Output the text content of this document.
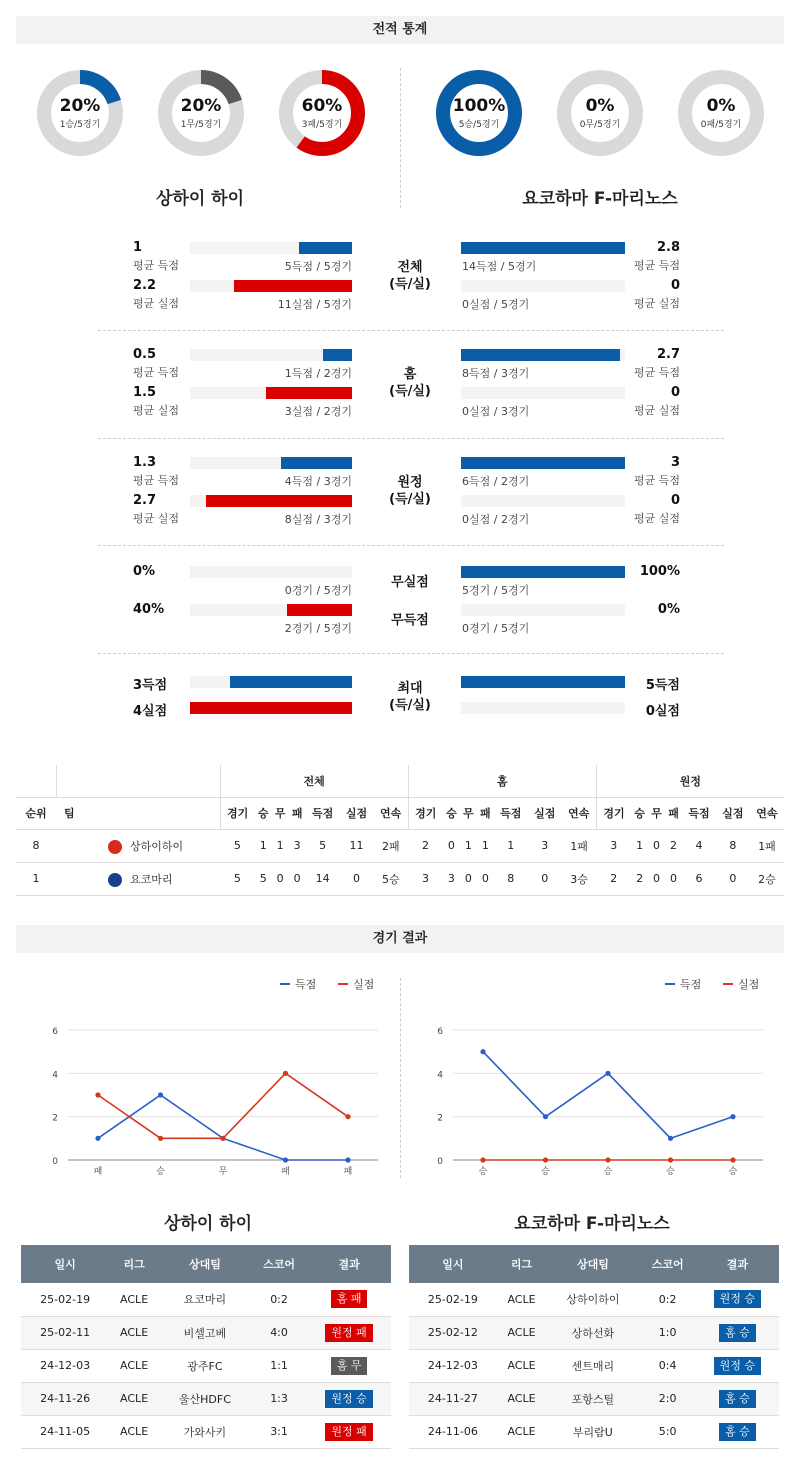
전적 통계
20%
1승/5경기
20%
1무/5경기
60%
3패/5경기
100%
5승/5경기
0%
0무/5경기
0%
0패/5경기
상하이 하이	요코하마 F-마리노스
1
평균 득점
2.8
평균 득점
5득점 / 5경기	14득점 / 5경기
2.2
평균 실점
0
평균 실점
11실점 / 5경기	0실점 / 5경기
전체
(득/실)
0.5
평균 득점
2.7
평균 득점
1득점 / 2경기	8득점 / 3경기
1.5
평균 실점
0
평균 실점
3실점 / 2경기	0실점 / 3경기
홈
(득/실)
1.3
평균 득점
3
평균 득점
4득점 / 3경기	6득점 / 2경기
2.7
평균 실점
0
평균 실점
8실점 / 3경기	0실점 / 2경기
원정
(득/실)
0%	100%
0경기 / 5경기	5경기 / 5경기
무실점
40%	0%
2경기 / 5경기	0경기 / 5경기
무득점
3득점	5득점
4실점	0실점
최대
(득/실)
		전체							홈							원정						
순위	팀	경기	승	무	패	득점	실점	연속	경기	승	무	패	득점	실점	연속	경기	승	무	패	득점	실점	연속
8	상하이하이	5	1	1	3	5	11	2패	2	0	1	1	1	3	1패	3	1	0	2	4	8	1패
1	요코마리	5	5	0	0	14	0	5승	3	3	0	0	8	0	3승	2	2	0	0	6	0	2승
경기 결과
득점	실점
0
2
4
6
패	승	무	패	패
득점	실점
0
2
4
6
승	승	승	승	승
상하이 하이	요코하마 F-마리노스
일시	리그	상대팀	스코어	결과
25-02-19	ACLE	요코마리	0:2	홈 패
25-02-11	ACLE	비셀고베	4:0	원정 패
24-12-03	ACLE	광주FC	1:1	홈 무
24-11-26	ACLE	울산HDFC	1:3	원정 승
24-11-05	ACLE	가와사키	3:1	원정 패
일시	리그	상대팀	스코어	결과
25-02-19	ACLE	상하이하이	0:2	원정 승
25-02-12	ACLE	상하선화	1:0	홈 승
24-12-03	ACLE	센트매리	0:4	원정 승
24-11-27	ACLE	포항스틸	2:0	홈 승
24-11-06	ACLE	부리람U	5:0	홈 승
